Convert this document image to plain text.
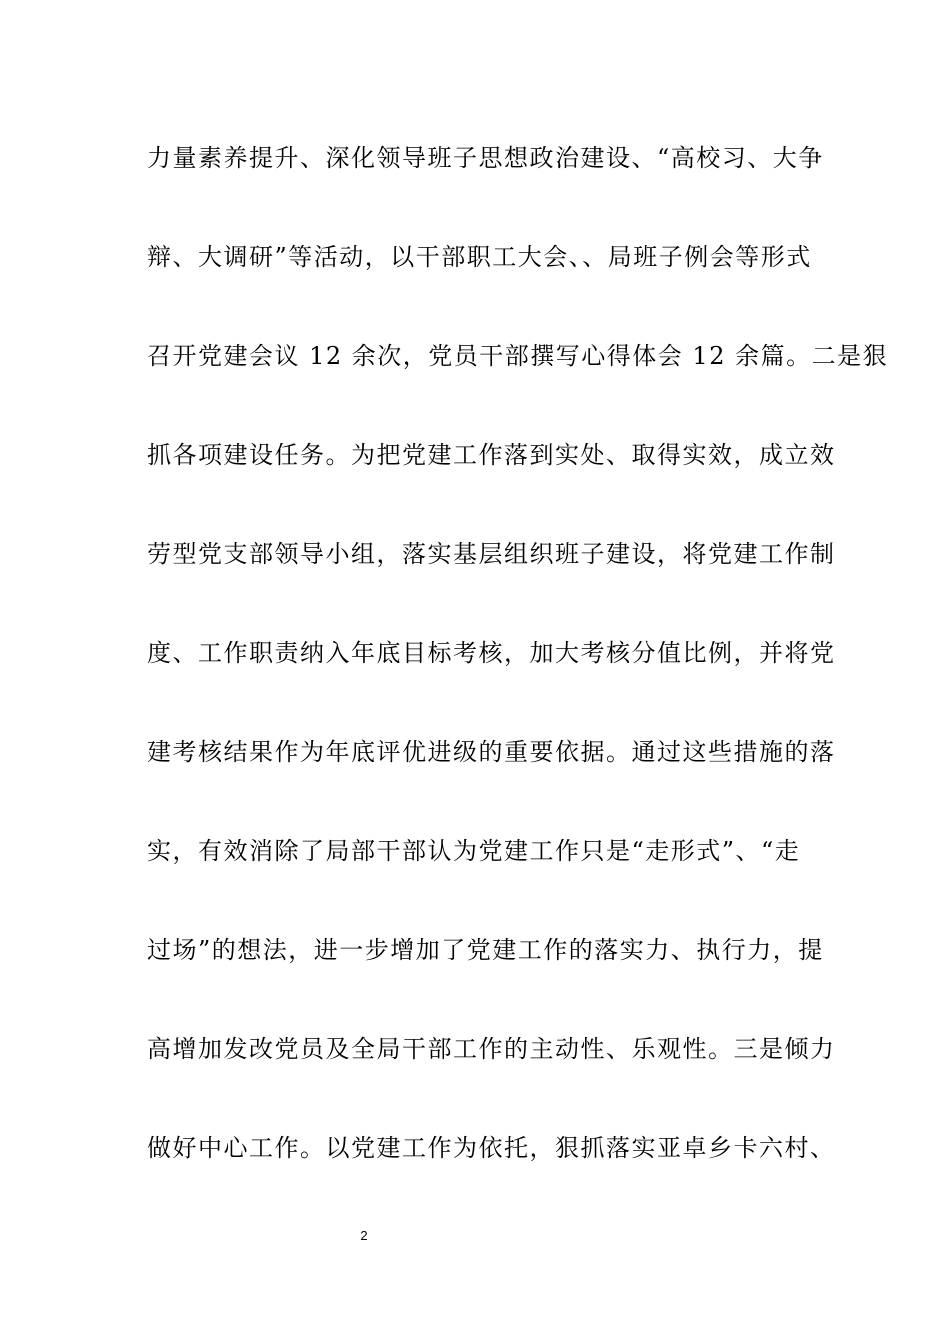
力量素养提升、深化领导班子思想政治建设、“高校习、大争
辩、大调研”等活动，以干部职工大会、、局班子例会等形式
召开党建会议 12 余次，党员干部撰写心得体会 12 余篇。二是狠
抓各项建设任务。为把党建工作落到实处、取得实效，成立效
劳型党支部领导小组，落实基层组织班子建设，将党建工作制
度、工作职责纳入年底目标考核，加大考核分值比例，并将党
建考核结果作为年底评优进级的重要依据。通过这些措施的落
实，有效消除了局部干部认为党建工作只是“走形式”、“走
过场”的想法，进一步增加了党建工作的落实力、执行力，提
高增加发改党员及全局干部工作的主动性、乐观性。三是倾力
做好中心工作。以党建工作为依托，狠抓落实亚卓乡卡六村、
2
